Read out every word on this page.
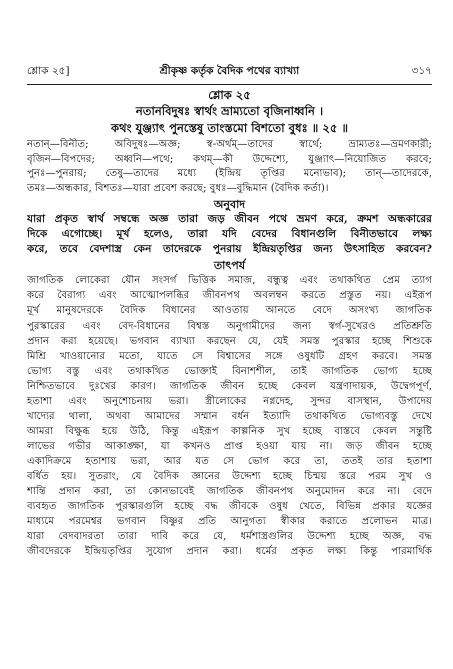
শ্লোক ২৫]	শ্রীকৃষ্ণ কর্তৃক বৈদিক পথের ব্যাখ্যা	৩১৭
শ্লোক ২৫
নতানবিদুষঃ স্বার্থং ভ্রাম্যতো বৃজিনাধ্বনি ।
কথং যুঞ্জ্যাৎ পুনস্তেষু তাংস্তমো বিশতো বুধঃ ॥ ২৫ ॥
নতান্—বিনীত; অবিদুষঃ—অজ্ঞ; স্ব-অর্থম্—তাদের স্বার্থে; ভ্রাম্যতঃ—ভ্রমণকারী;
বৃজিন—বিপদের; অধ্বনি—পথে; কথম্—কী উদ্দেশ্যে, যুঞ্জ্যাৎ—নিয়োজিত করবে;
পুনঃ—পুনরায়; তেষু—তাদের মধ্যে (ইন্দ্রিয় তৃপ্তির মনোভাব); তান্—তাদেরকে,
তমঃ—অন্ধকার, বিশতঃ—যারা প্রবেশ করছে; বুধঃ—বুদ্ধিমান (বৈদিক কর্তা)।
অনুবাদ
যারা প্রকৃত স্বার্থ সম্বন্ধে অজ্ঞ তারা জড় জীবন পথে ভ্রমণ করে, ক্রমশ অন্ধকারের
দিকে এগোচ্ছে। মূর্খ হলেও, তারা যদি বেদের বিধানগুলি বিনীতভাবে লক্ষ্য
করে, তবে বেদশাস্ত্র কেন তাদেরকে পুনরায় ইন্দ্রিয়তৃপ্তির জন্য উৎসাহিত করবেন?
তাৎপর্য
জাগতিক লোকেরা যৌন সংসর্গ ভিত্তিক সমাজ, বন্ধুত্ব এবং তথাকথিত প্রেম ত্যাগ
করে বৈরাগ্য এবং আত্মোপলব্ধির জীবনপথ অবলম্বন করতে প্রস্তুত নয়। এইরূপ
মূর্খ মানুষদেরকে বৈদিক বিধানের আওতায় আনতে বেদে অসংখ্য জাগতিক
পুরস্কারের এবং বেদ-বিধানের বিশ্বস্ত অনুগামীদের জন্য স্বর্গ-সুখেরও প্রতিশ্রুতি
প্রদান করা হয়েছে। ভগবান ব্যাখ্যা করছেন যে, যেই সমস্ত পুরস্কার হচ্ছে শিশুকে
মিশ্রি খাওয়ানোর মতো, যাতে সে বিশ্বাসের সঙ্গে ওষুধটি গ্রহণ করবে। সমস্ত
ভোগ্য বস্তু এবং তথাকথিত ভোক্তাই বিনাশশীল, তাই জাগতিক ভোগ্য হচ্ছে
নিশ্চিতভাবে দুঃখের কারণ। জাগতিক জীবন হচ্ছে কেবল যন্ত্রণাদায়ক, উদ্বেগপূর্ণ,
হতাশা এবং অনুশোচনায় ভরা। স্ত্রীলোকের নগ্নদেহ, সুন্দর বাসস্থান, উপাদেয়
খাদ্যের থালা, অথবা আমাদের সম্মান বর্ধন ইত্যাদি তথাকথিত ভোগ্যবস্তু দেখে
আমরা বিক্ষুব্ধ হয়ে উঠি, কিন্তু এইরূপ কাল্পনিক সুখ হচ্ছে বাস্তবে কেবল সন্তুষ্টি
লাভের গভীর আকাঙ্ক্ষা, যা কখনও প্রাপ্ত হওয়া যায় না। জড় জীবন হচ্ছে
একাদিক্রমে হতাশায় ভরা, আর যত সে ভোগ করে তা, ততই তার হতাশা
বর্ধিত হয়। সুতরাং, যে বৈদিক জ্ঞানের উদ্দেশ্য হচ্ছে চিন্ময় স্তরে পরম সুখ ও
শান্তি প্রদান করা, তা কোনভাবেই জাগতিক জীবনপথ অনুমোদন করে না। বেদে
ব্যবহৃত জাগতিক পুরস্কারগুলি হচ্ছে বদ্ধ জীবকে ওষুধ খেতে, বিভিন্ন প্রকার যজ্ঞের
মাধ্যমে পরমেশ্বর ভগবান বিষ্ণুর প্রতি আনুগত্য স্বীকার করাতে প্রলোভন মাত্র।
যারা বেদবাদরতা তারা দাবি করে যে, ধর্মশাস্ত্রগুলির উদ্দেশ্য হচ্ছে অজ্ঞ, বদ্ধ
জীবদেরকে ইন্দ্রিয়তৃপ্তির সুযোগ প্রদান করা। ধর্মের প্রকৃত লক্ষ্য কিন্তু পারমার্থিক
